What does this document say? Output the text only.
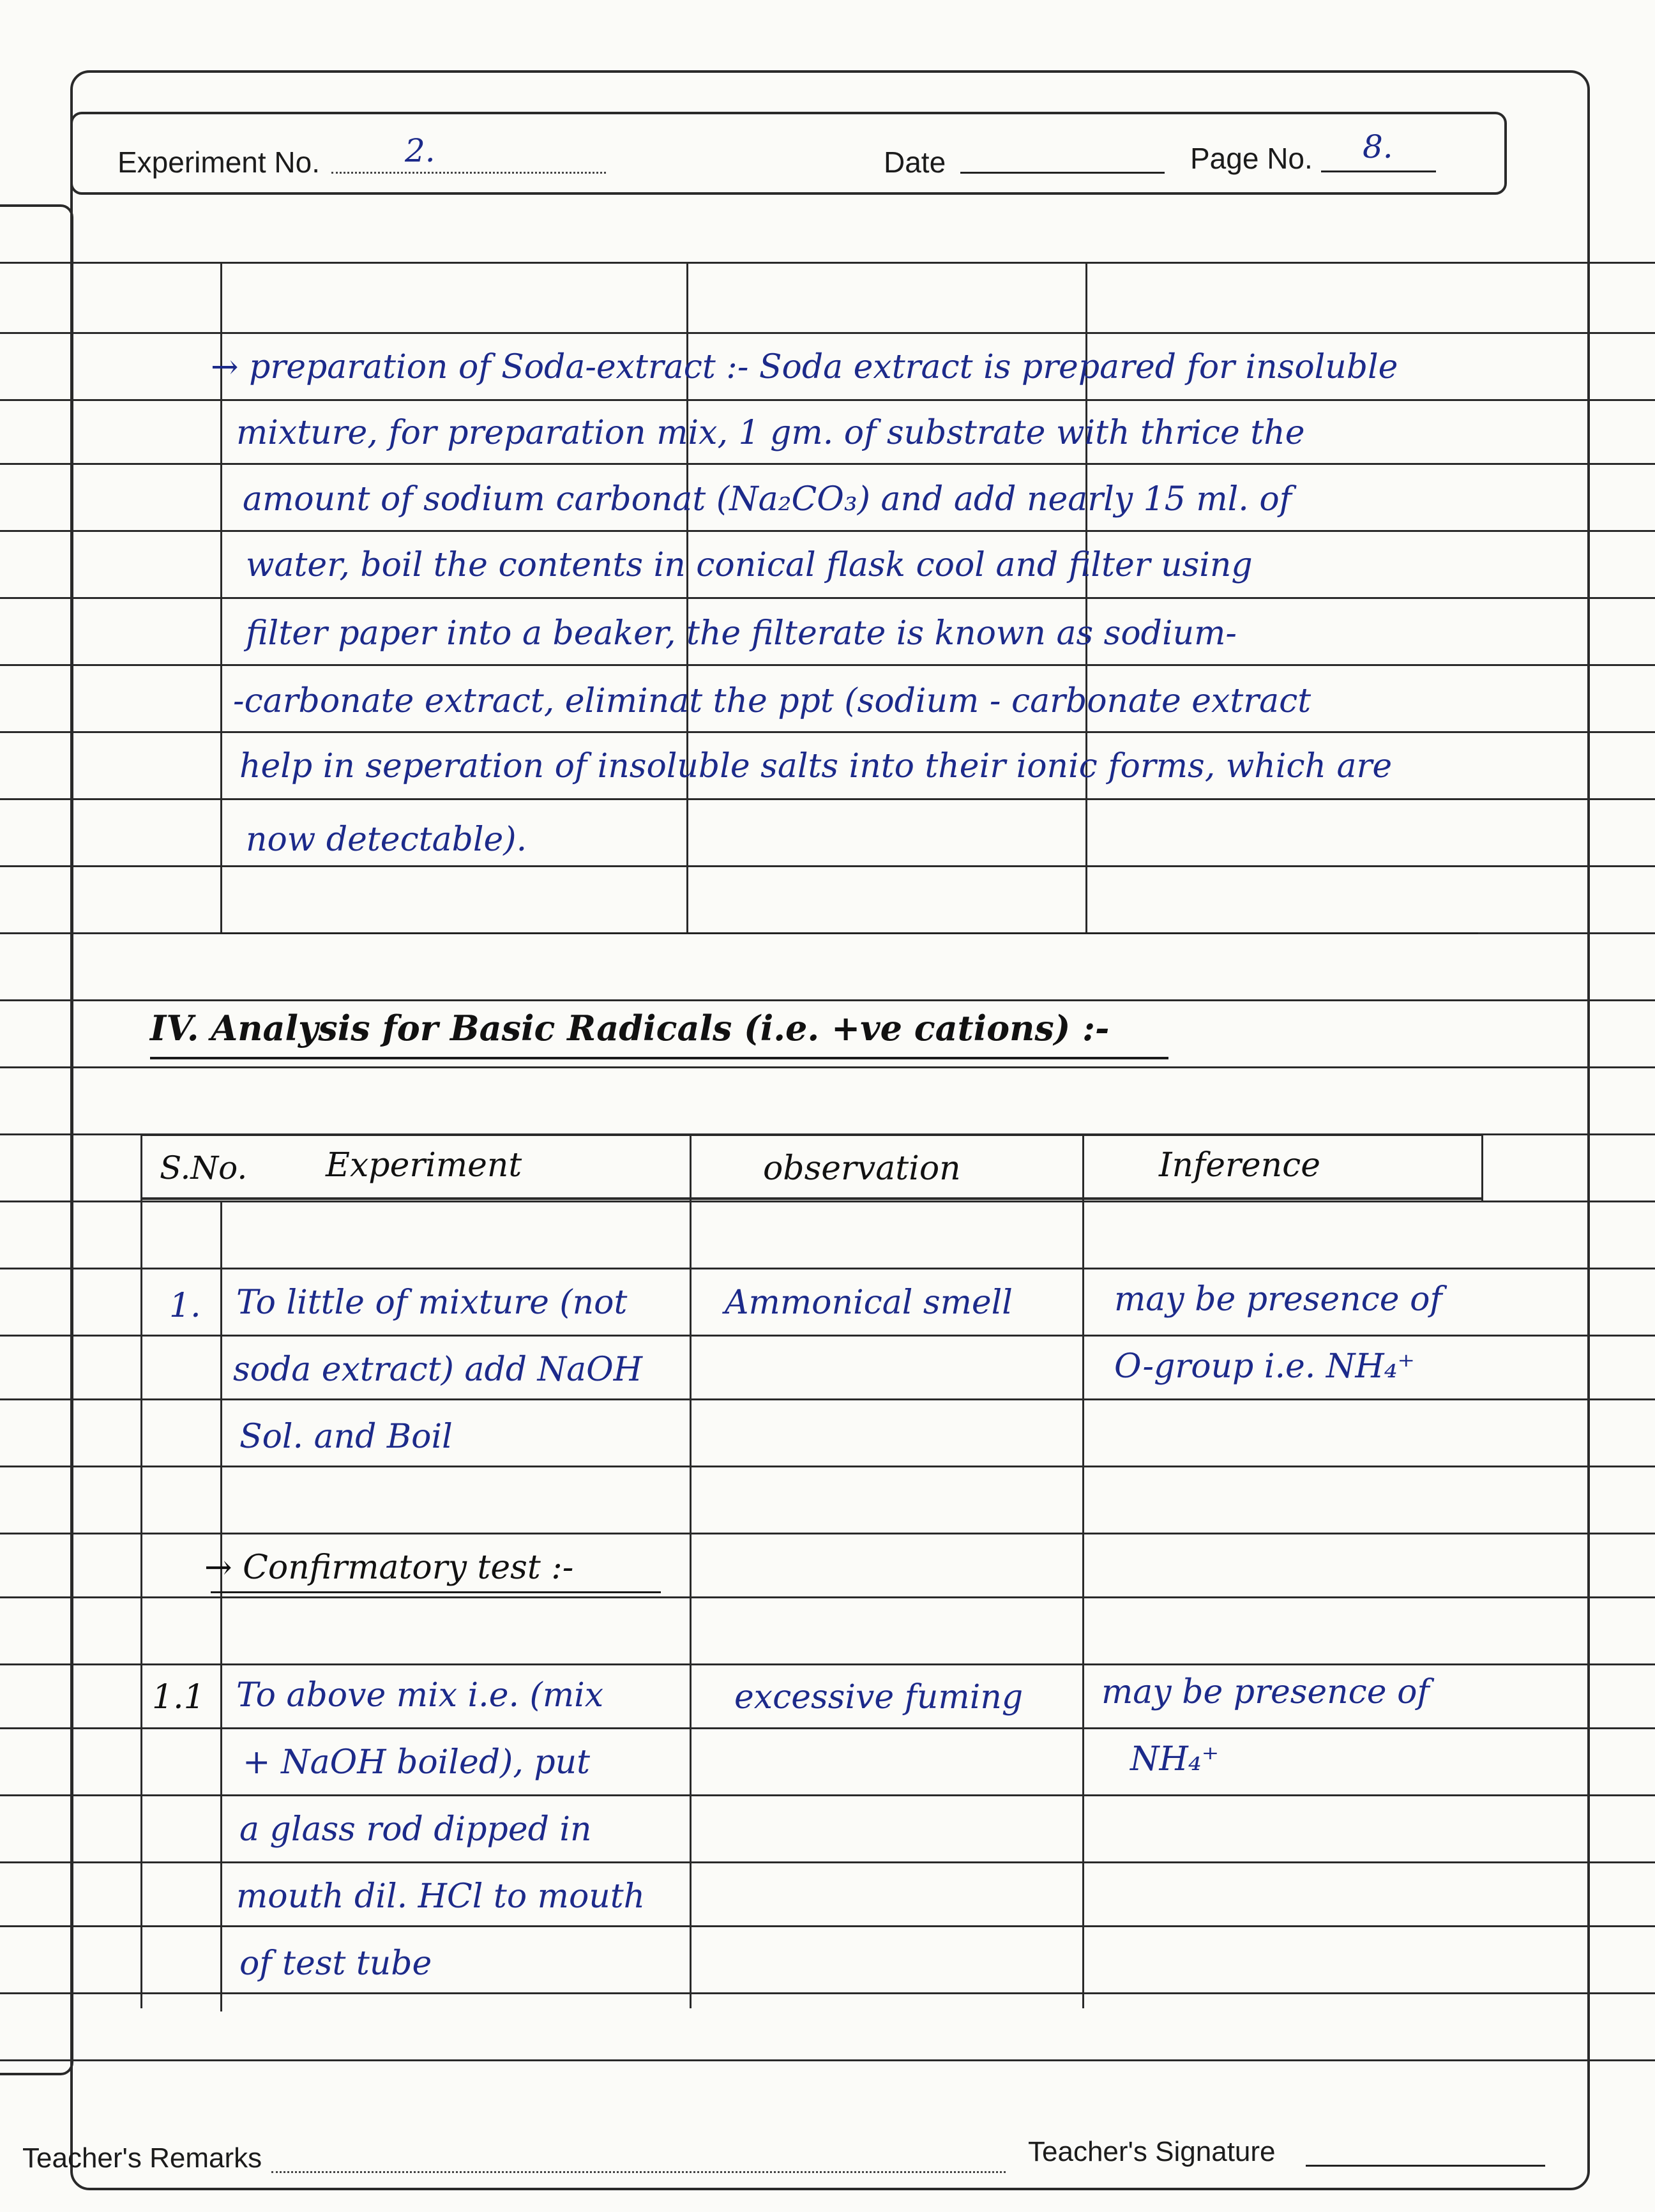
Experiment No.	2.	Date	Page No. 8.
→ preparation of Soda-extract :- Soda extract is prepared for insoluble
mixture, for preparation mix, 1 gm. of substrate with thrice the
amount of sodium carbonat (Na₂CO₃) and add nearly 15 ml. of
water, boil the contents in conical flask cool and filter using
filter paper into a beaker, the filterate is known as sodium-
-carbonate extract, eliminat the ppt (sodium - carbonate extract
help in seperation of insoluble salts into their ionic forms, which are
now detectable).
IV. Analysis for Basic Radicals (i.e. +ve cations) :-
S.No. Experiment	observation	Inference
1. To little of mixture (not
soda extract) add NaOH
Sol. and Boil
Ammonical smell	may be presence of
O-group i.e. NH₄⁺
→ Confirmatory test :-
1.1 To above mix i.e. (mix
+ NaOH boiled), put
a glass rod dipped in
mouth dil. HCl to mouth
of test tube
excessive fuming may be presence of
NH₄⁺
Teacher's Remarks	Teacher's Signature
